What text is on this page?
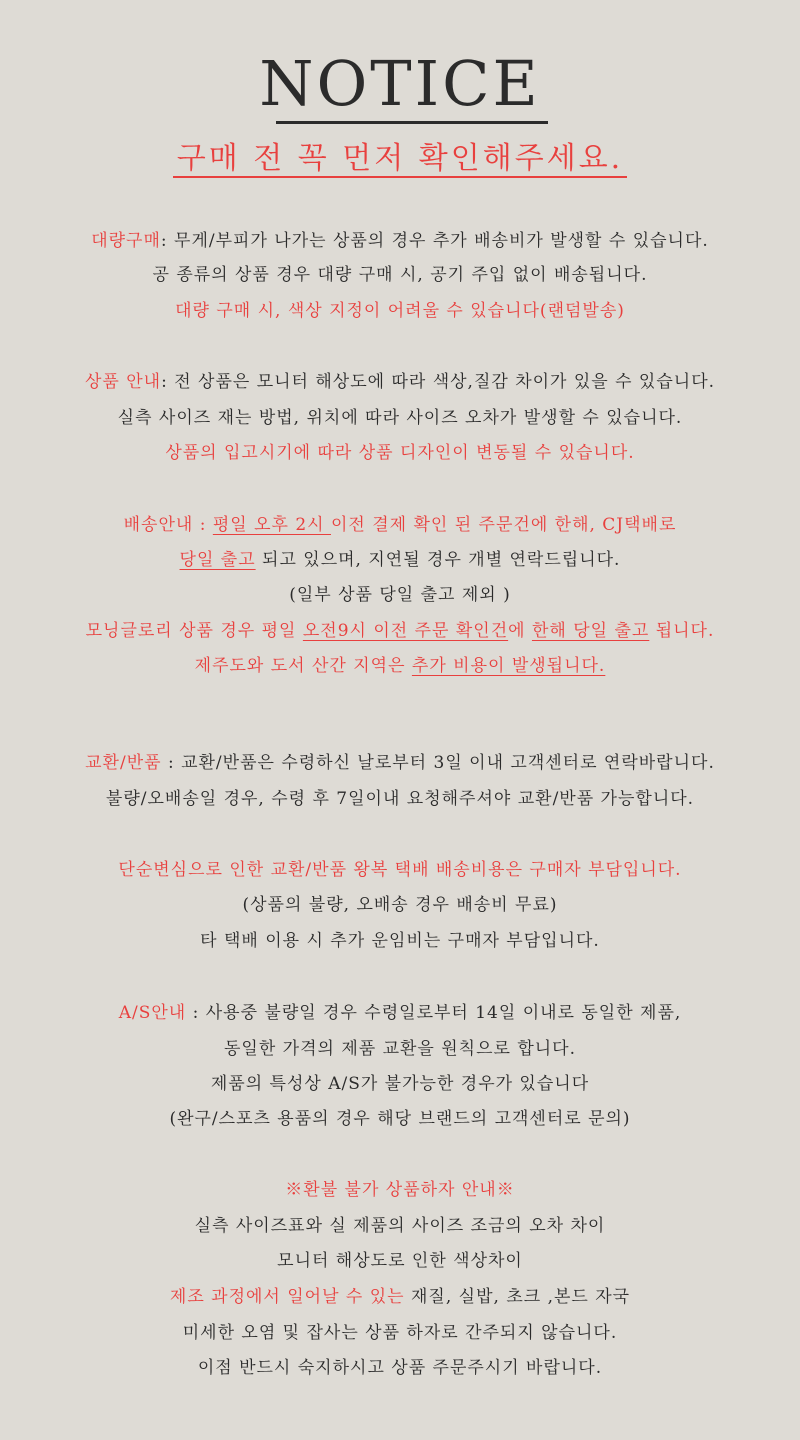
NOTICE
구매 전 꼭 먼저 확인해주세요.
대량구매: 무게/부피가 나가는 상품의 경우 추가 배송비가 발생할 수 있습니다.
공 종류의 상품 경우 대량 구매 시, 공기 주입 없이 배송됩니다.
대량 구매 시, 색상 지정이 어려울 수 있습니다(랜덤발송)
상품 안내: 전 상품은 모니터 해상도에 따라 색상,질감 차이가 있을 수 있습니다.
실측 사이즈 재는 방법, 위치에 따라 사이즈 오차가 발생할 수 있습니다.
상품의 입고시기에 따라 상품 디자인이 변동될 수 있습니다.
배송안내 : 평일 오후 2시 이전 결제 확인 된 주문건에 한해, CJ택배로
당일 출고 되고 있으며, 지연될 경우 개별 연락드립니다.
(일부 상품 당일 출고 제외 )
모닝글로리 상품 경우 평일 오전9시 이전 주문 확인건에 한해 당일 출고 됩니다.
제주도와 도서 산간 지역은 추가 비용이 발생됩니다.
교환/반품 : 교환/반품은 수령하신 날로부터 3일 이내 고객센터로 연락바랍니다.
불량/오배송일 경우, 수령 후 7일이내 요청해주셔야 교환/반품 가능합니다.
단순변심으로 인한 교환/반품 왕복 택배 배송비용은 구매자 부담입니다.
(상품의 불량, 오배송 경우 배송비 무료)
타 택배 이용 시 추가 운임비는 구매자 부담입니다.
A/S안내 : 사용중 불량일 경우 수령일로부터 14일 이내로 동일한 제품,
동일한 가격의 제품 교환을 원칙으로 합니다.
제품의 특성상 A/S가 불가능한 경우가 있습니다
(완구/스포츠 용품의 경우 해당 브랜드의 고객센터로 문의)
※환불 불가 상품하자 안내※
실측 사이즈표와 실 제품의 사이즈 조금의 오차 차이
모니터 해상도로 인한 색상차이
제조 과정에서 일어날 수 있는 재질, 실밥, 초크 ,본드 자국
미세한 오염 및 잡사는 상품 하자로 간주되지 않습니다.
이점 반드시 숙지하시고 상품 주문주시기 바랍니다.
